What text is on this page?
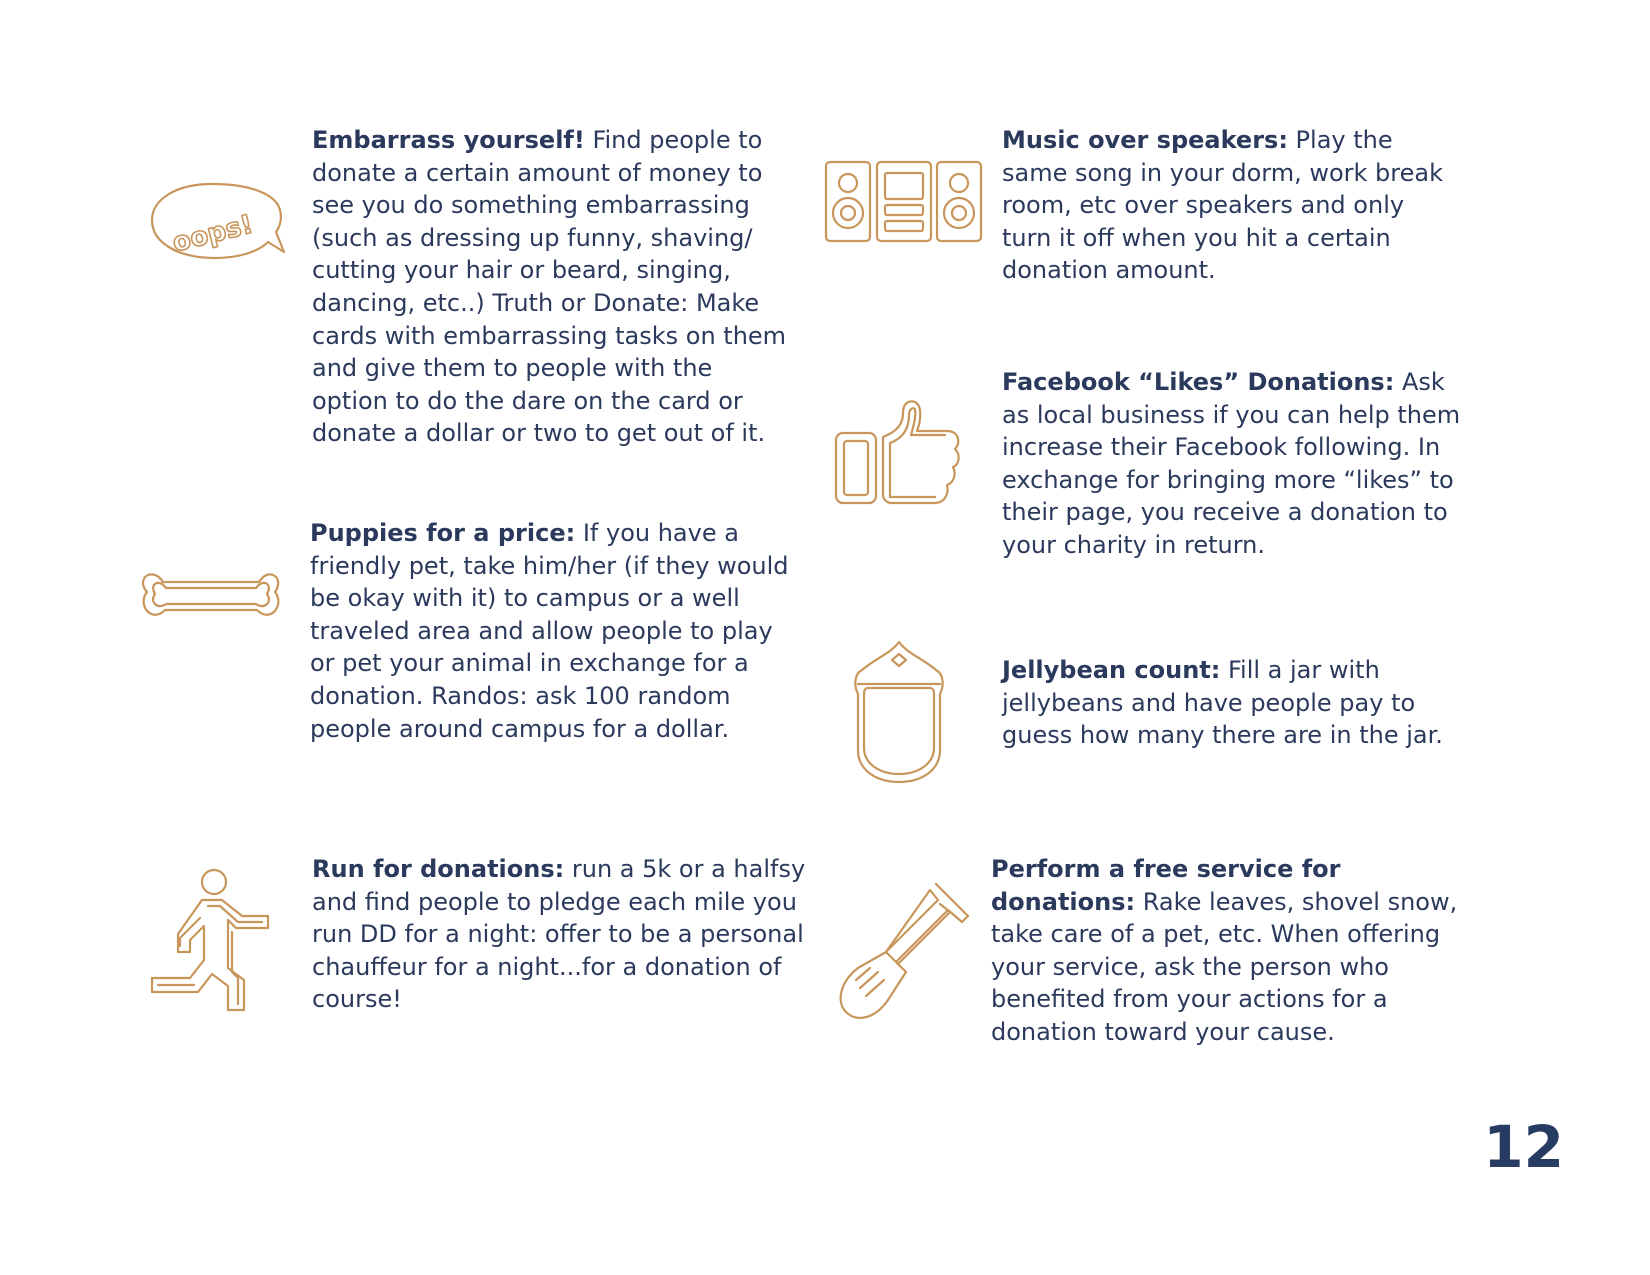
oops!

Embarrass yourself! Find people to donate a certain amount of money to see you do something embarrassing (such as dressing up funny, shaving/ cutting your hair or beard, singing, dancing, etc..) Truth or Donate: Make cards with embarrassing tasks on them and give them to people with the option to do the dare on the card or donate a dollar or two to get out of it.

Puppies for a price: If you have a friendly pet, take him/her (if they would be okay with it) to campus or a well traveled area and allow people to play or pet your animal in exchange for a donation. Randos: ask 100 random people around campus for a dollar.

Run for donations: run a 5k or a halfsy and find people to pledge each mile you run DD for a night: offer to be a personal chauffeur for a night...for a donation of course!

Music over speakers: Play the same song in your dorm, work break room, etc over speakers and only turn it off when you hit a certain donation amount.

Facebook “Likes” Donations: Ask as local business if you can help them increase their Facebook following. In exchange for bringing more “likes” to their page, you receive a donation to your charity in return.

Jellybean count: Fill a jar with jellybeans and have people pay to guess how many there are in the jar.

Perform a free service for donations: Rake leaves, shovel snow, take care of a pet, etc. When offering your service, ask the person who benefited from your actions for a donation toward your cause.

12
